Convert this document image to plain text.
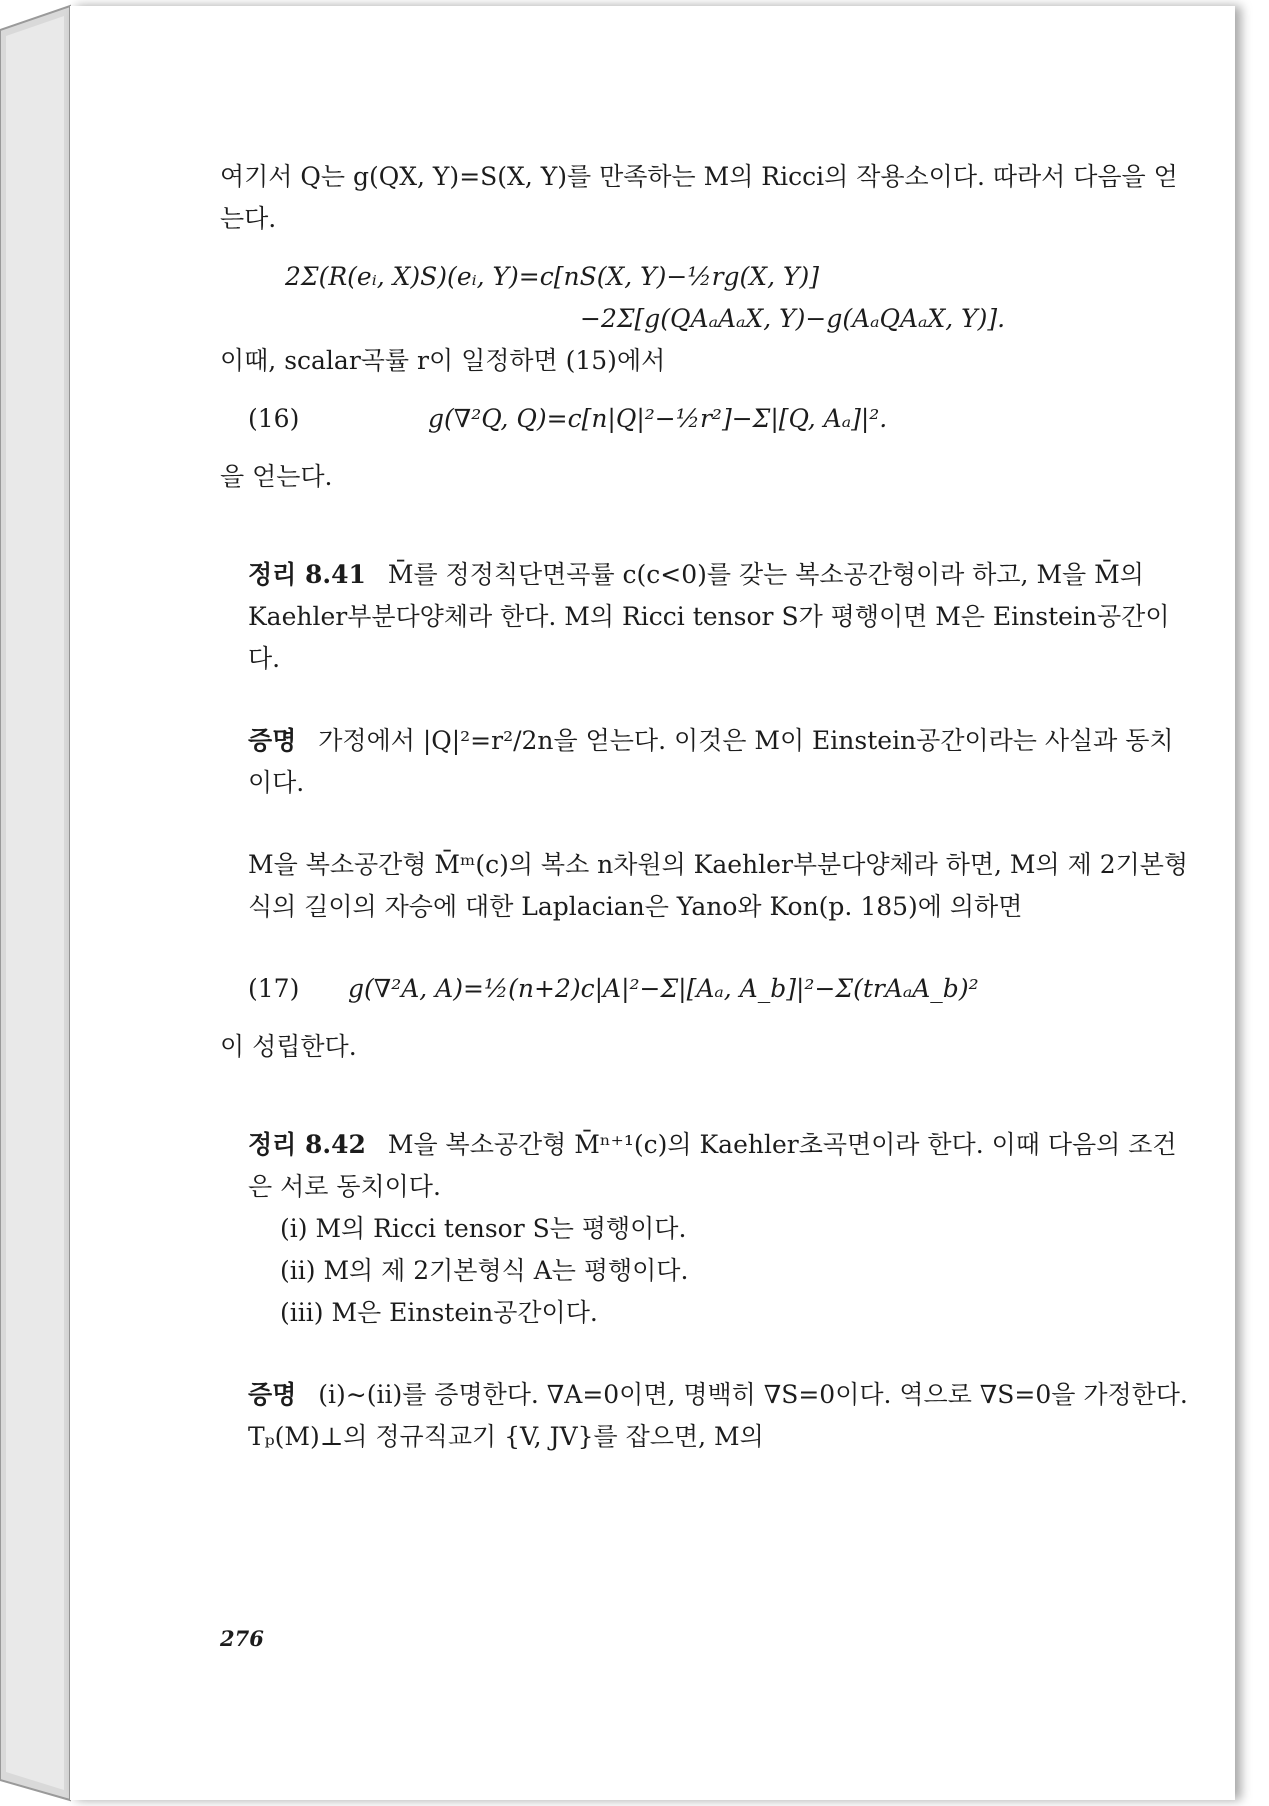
여기서 Q는 g(QX, Y)=S(X, Y)를 만족하는 M의 Ricci의 작용소이다. 따라서 다음을 얻는다.

2Σ(R(eᵢ, X)S)(eᵢ, Y)=c[nS(X, Y)−½rg(X, Y)]
−2Σ[g(QAₐAₐX, Y)−g(AₐQAₐX, Y)].

이때, scalar곡률 r이 일정하면 (15)에서

(16)	g(∇²Q, Q)=c[n|Q|²−½r²]−Σ|[Q, Aₐ]|².

을 얻는다.

정리 8.41 M̄를 정정칙단면곡률 c(c<0)를 갖는 복소공간형이라 하고, M을 M̄의 Kaehler부분다양체라 한다. M의 Ricci tensor S가 평행이면 M은 Einstein공간이다.

증명 가정에서 |Q|²=r²/2n을 얻는다. 이것은 M이 Einstein공간이라는 사실과 동치이다.

M을 복소공간형 M̄ᵐ(c)의 복소 n차원의 Kaehler부분다양체라 하면, M의 제 2기본형식의 길이의 자승에 대한 Laplacian은 Yano와 Kon(p. 185)에 의하면

(17)	g(∇²A, A)=½(n+2)c|A|²−Σ|[Aₐ, A_b]|²−Σ(trAₐA_b)²

이 성립한다.

정리 8.42 M을 복소공간형 M̄ⁿ⁺¹(c)의 Kaehler초곡면이라 한다. 이때 다음의 조건은 서로 동치이다.

(i) M의 Ricci tensor S는 평행이다.
(ii) M의 제 2기본형식 A는 평행이다.
(iii) M은 Einstein공간이다.

증명 (i)∼(ii)를 증명한다. ∇A=0이면, 명백히 ∇S=0이다. 역으로 ∇S=0을 가정한다. Tₚ(M)⊥의 정규직교기 {V, JV}를 잡으면, M의

276
